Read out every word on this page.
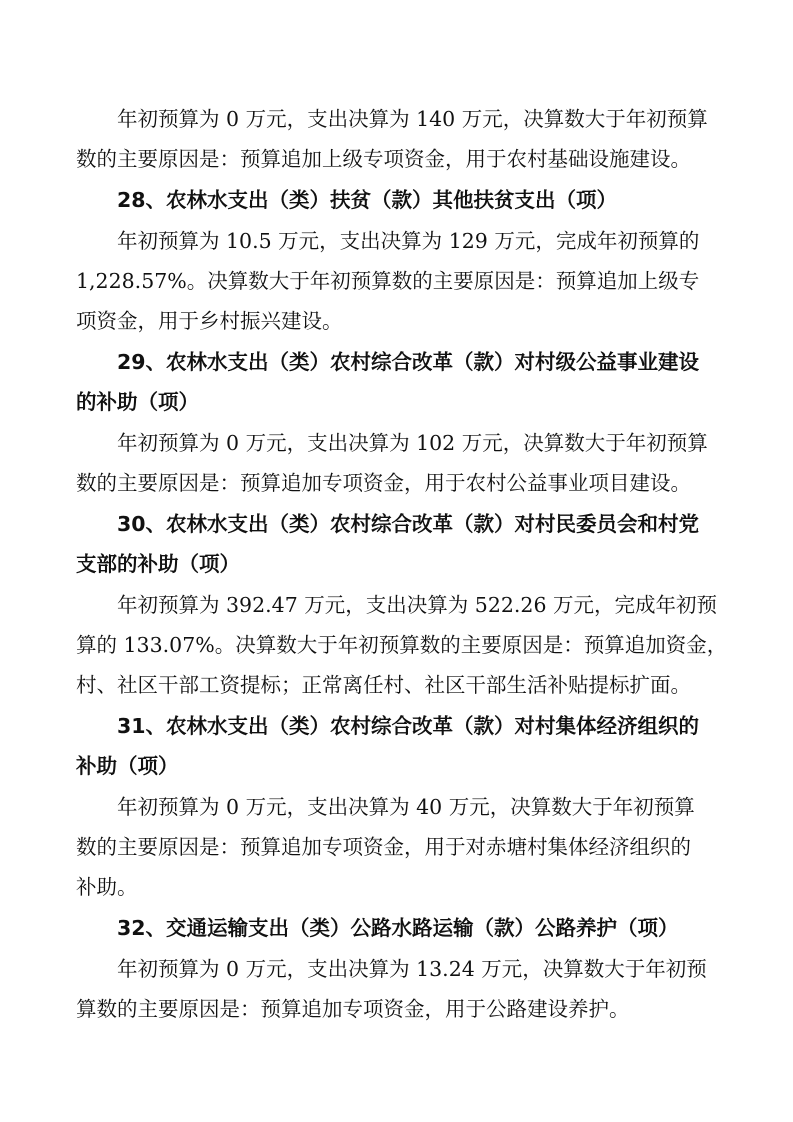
年初预算为 0 万元，支出决算为 140 万元，决算数大于年初预算
数的主要原因是：预算追加上级专项资金，用于农村基础设施建设。
28、农林水支出（类）扶贫（款）其他扶贫支出（项）
年初预算为 10.5 万元，支出决算为 129 万元，完成年初预算的
1,228.57%。决算数大于年初预算数的主要原因是：预算追加上级专
项资金，用于乡村振兴建设。
29、农林水支出（类）农村综合改革（款）对村级公益事业建设
的补助（项）
年初预算为 0 万元，支出决算为 102 万元，决算数大于年初预算
数的主要原因是：预算追加专项资金，用于农村公益事业项目建设。
30、农林水支出（类）农村综合改革（款）对村民委员会和村党
支部的补助（项）
年初预算为 392.47 万元，支出决算为 522.26 万元，完成年初预
算的 133.07%。决算数大于年初预算数的主要原因是：预算追加资金，
村、社区干部工资提标；正常离任村、社区干部生活补贴提标扩面。
31、农林水支出（类）农村综合改革（款）对村集体经济组织的
补助（项）
年初预算为 0 万元，支出决算为 40 万元，决算数大于年初预算
数的主要原因是：预算追加专项资金，用于对赤塘村集体经济组织的
补助。
32、交通运输支出（类）公路水路运输（款）公路养护（项）
年初预算为 0 万元，支出决算为 13.24 万元，决算数大于年初预
算数的主要原因是：预算追加专项资金，用于公路建设养护。
